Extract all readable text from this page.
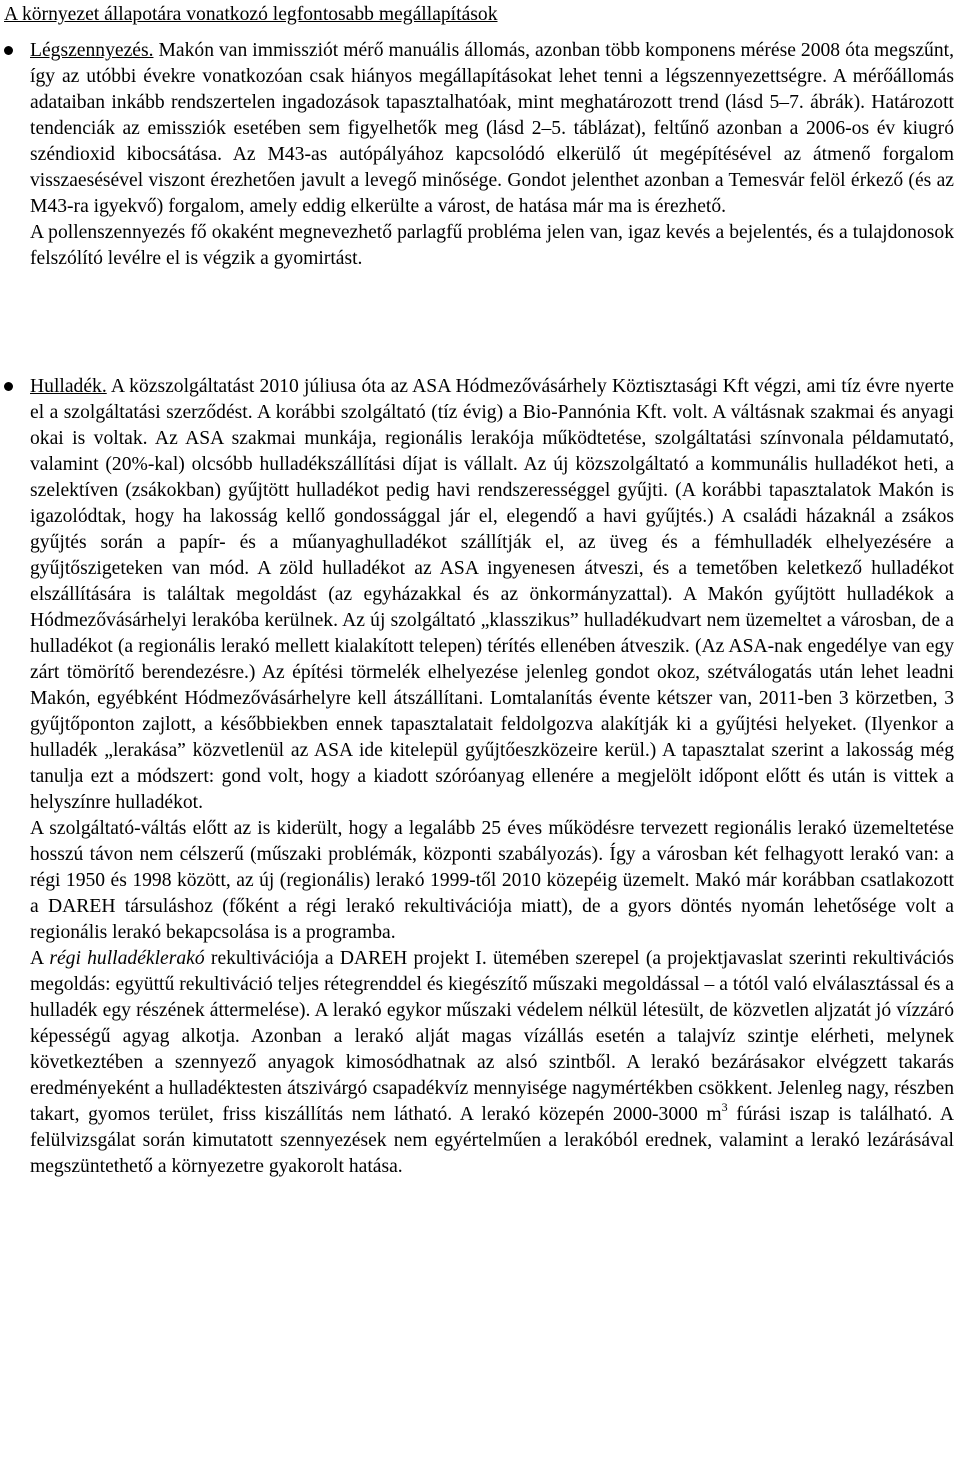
A környezet állapotára vonatkozó legfontosabb megállapítások

Légszennyezés. Makón van immissziót mérő manuális állomás, azonban több komponens mérése 2008 óta megszűnt, így az utóbbi évekre vonatkozóan csak hiányos megállapításokat lehet tenni a légszennyezettségre. A mérőállomás adataiban inkább rendszertelen ingadozások tapasztalhatóak, mint meghatározott trend (lásd 5–7. ábrák). Határozott tendenciák az emissziók esetében sem figyelhetők meg (lásd 2–5. táblázat), feltűnő azonban a 2006-os év kiugró széndioxid kibocsátása. Az M43-as autópályához kapcsolódó elkerülő út megépítésével az átmenő forgalom visszaesésével viszont érezhetően javult a levegő minősége. Gondot jelenthet azonban a Temesvár felöl érkező (és az M43-ra igyekvő) forgalom, amely eddig elkerülte a várost, de hatása már ma is érezhető.

A pollenszennyezés fő okaként megnevezhető parlagfű probléma jelen van, igaz kevés a bejelentés, és a tulajdonosok felszólító levélre el is végzik a gyomirtást.

Hulladék. A közszolgáltatást 2010 júliusa óta az ASA Hódmezővásárhely Köztisztasági Kft végzi, ami tíz évre nyerte el a szolgáltatási szerződést. A korábbi szolgáltató (tíz évig) a Bio-Pannónia Kft. volt. A váltásnak szakmai és anyagi okai is voltak. Az ASA szakmai munkája, regionális lerakója működtetése, szolgáltatási színvonala példamutató, valamint (20%-kal) olcsóbb hulladékszállítási díjat is vállalt. Az új közszolgáltató a kommunális hulladékot heti, a szelektíven (zsákokban) gyűjtött hulladékot pedig havi rendszerességgel gyűjti. (A korábbi tapasztalatok Makón is igazolódtak, hogy ha lakosság kellő gondossággal jár el, elegendő a havi gyűjtés.) A családi házaknál a zsákos gyűjtés során a papír- és a műanyaghulladékot szállítják el, az üveg és a fémhulladék elhelyezésére a gyűjtőszigeteken van mód. A zöld hulladékot az ASA ingyenesen átveszi, és a temetőben keletkező hulladékot elszállítására is találtak megoldást (az egyházakkal és az önkormányzattal). A Makón gyűjtött hulladékok a Hódmezővásárhelyi lerakóba kerülnek. Az új szolgáltató „klasszikus” hulladékudvart nem üzemeltet a városban, de a hulladékot (a regionális lerakó mellett kialakított telepen) térítés ellenében átveszik. (Az ASA-nak engedélye van egy zárt tömörítő berendezésre.) Az építési törmelék elhelyezése jelenleg gondot okoz, szétválogatás után lehet leadni Makón, egyébként Hódmezővásárhelyre kell átszállítani. Lomtalanítás évente kétszer van, 2011-ben 3 körzetben, 3 gyűjtőponton zajlott, a későbbiekben ennek tapasztalatait feldolgozva alakítják ki a gyűjtési helyeket. (Ilyenkor a hulladék „lerakása” közvetlenül az ASA ide kitelepül gyűjtőeszközeire kerül.) A tapasztalat szerint a lakosság még tanulja ezt a módszert: gond volt, hogy a kiadott szóróanyag ellenére a megjelölt időpont előtt és után is vittek a helyszínre hulladékot.

A szolgáltató-váltás előtt az is kiderült, hogy a legalább 25 éves működésre tervezett regionális lerakó üzemeltetése hosszú távon nem célszerű (műszaki problémák, központi szabályozás). Így a városban két felhagyott lerakó van: a régi 1950 és 1998 között, az új (regionális) lerakó 1999-től 2010 közepéig üzemelt. Makó már korábban csatlakozott a DAREH társuláshoz (főként a régi lerakó rekultivációja miatt), de a gyors döntés nyomán lehetősége volt a regionális lerakó bekapcsolása is a programba.

A régi hulladéklerakó rekultivációja a DAREH projekt I. ütemében szerepel (a projektjavaslat szerinti rekultivációs megoldás: együttű rekultiváció teljes rétegrenddel és kiegészítő műszaki megoldással – a tótól való elválasztással és a hulladék egy részének áttermelése). A lerakó egykor műszaki védelem nélkül létesült, de közvetlen aljzatát jó vízzáró képességű agyag alkotja. Azonban a lerakó alját magas vízállás esetén a talajvíz szintje elérheti, melynek következtében a szennyező anyagok kimosódhatnak az alsó szintből. A lerakó bezárásakor elvégzett takarás eredményeként a hulladéktesten átszivárgó csapadékvíz mennyisége nagymértékben csökkent. Jelenleg nagy, részben takart, gyomos terület, friss kiszállítás nem látható. A lerakó közepén 2000-3000 $m^3$ fúrási iszap is található. A felülvizsgálat során kimutatott szennyezések nem egyértelműen a lerakóból erednek, valamint a lerakó lezárásával megszüntethető a környezetre gyakorolt hatása.
